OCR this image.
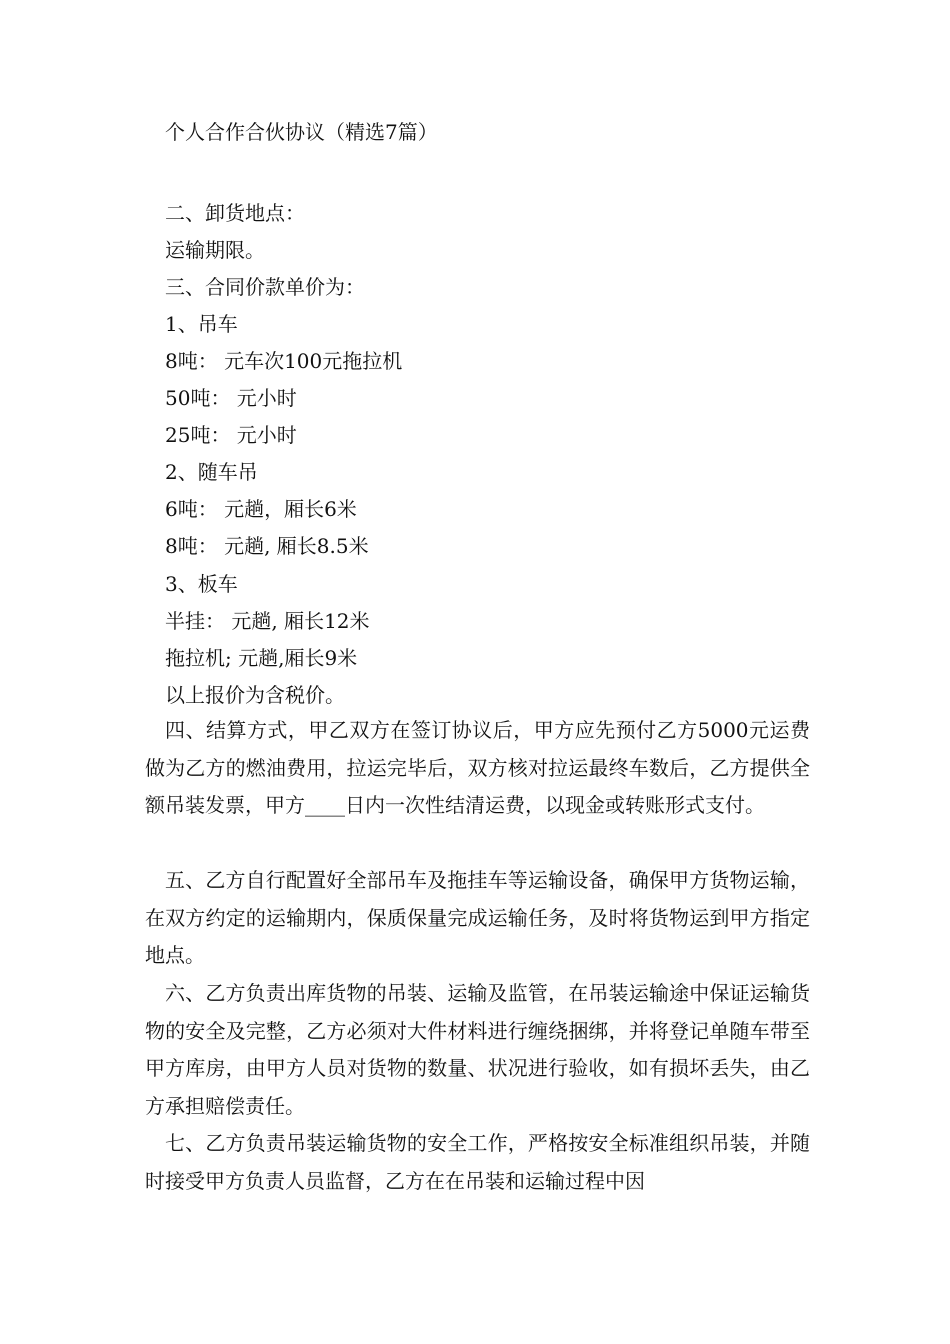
个人合作合伙协议（精选7篇）
二、卸货地点：
运输期限。
三、合同价款单价为：
1、吊车
8吨： 元车次100元拖拉机
50吨： 元小时
25吨： 元小时
2、随车吊
6吨： 元趟，厢长6米
8吨： 元趟, 厢长8.5米
3、板车
半挂： 元趟, 厢长12米
拖拉机; 元趟,厢长9米
以上报价为含税价。

四、结算方式，甲乙双方在签订协议后，甲方应先预付乙方5000元运费做为乙方的燃油费用，拉运完毕后，双方核对拉运最终车数后，乙方提供全额吊装发票，甲方____日内一次性结清运费，以现金或转账形式支付。

五、乙方自行配置好全部吊车及拖挂车等运输设备，确保甲方货物运输，在双方约定的运输期内，保质保量完成运输任务，及时将货物运到甲方指定地点。

六、乙方负责出库货物的吊装、运输及监管，在吊装运输途中保证运输货物的安全及完整，乙方必须对大件材料进行缠绕捆绑，并将登记单随车带至甲方库房，由甲方人员对货物的数量、状况进行验收，如有损坏丢失，由乙方承担赔偿责任。

七、乙方负责吊装运输货物的安全工作，严格按安全标准组织吊装，并随时接受甲方负责人员监督，乙方在在吊装和运输过程中因
